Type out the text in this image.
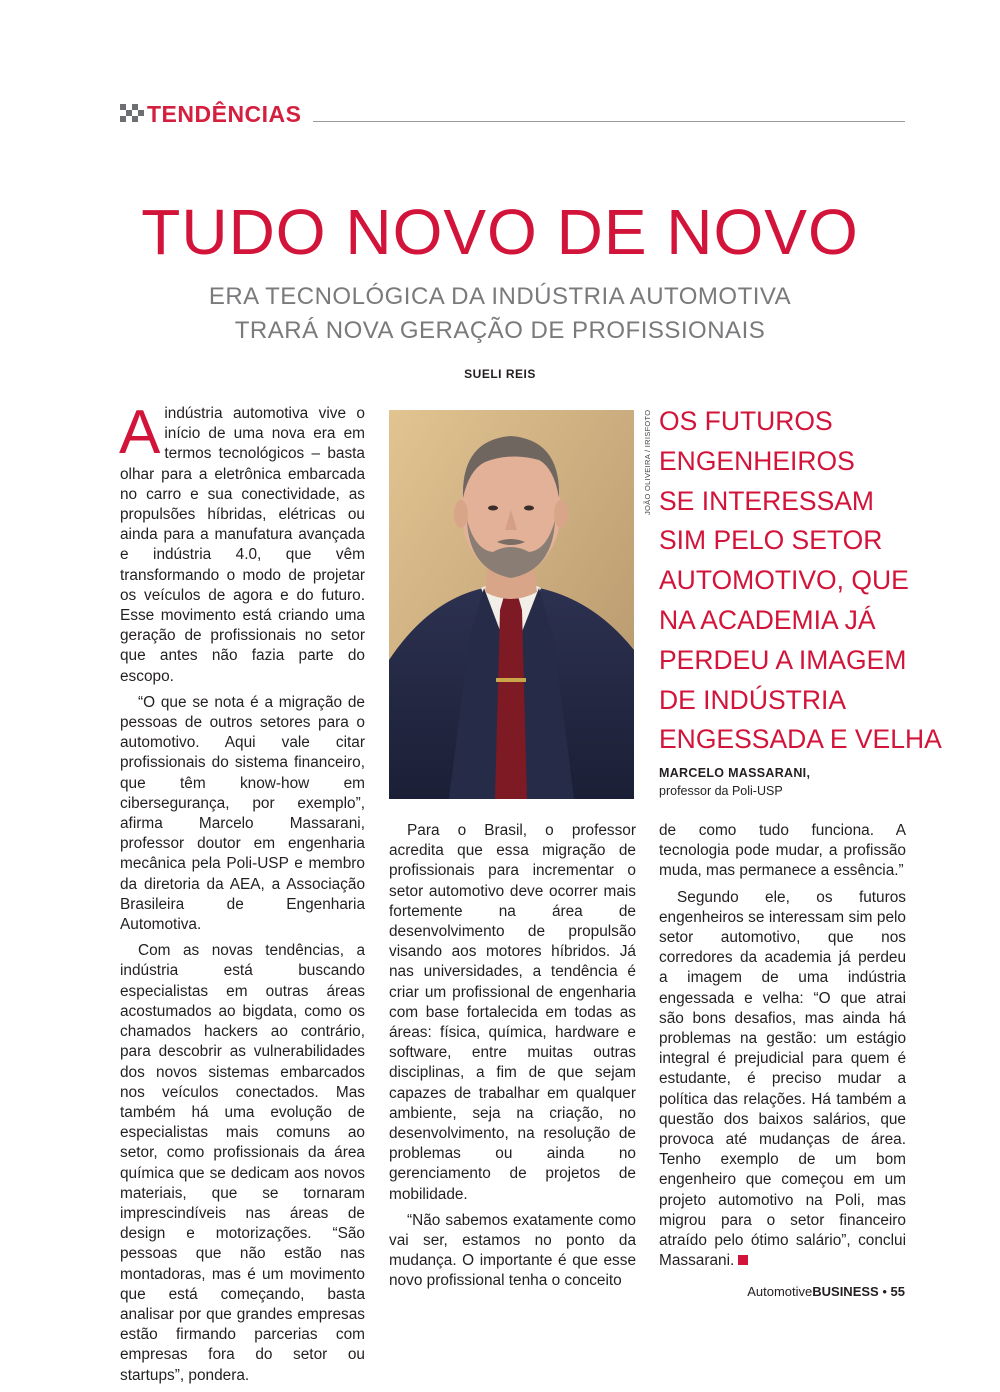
TENDÊNCIAS
TUDO NOVO DE NOVO
ERA TECNOLÓGICA DA INDÚSTRIA AUTOMOTIVA
TRARÁ NOVA GERAÇÃO DE PROFISSIONAIS
SUELI REIS

Aindústria automotiva vive o início de uma nova era em termos tecnológicos – basta olhar para a eletrônica embarcada no carro e sua conectividade, as propulsões híbridas, elétricas ou ainda para a manufatura avançada e indústria 4.0, que vêm transformando o modo de projetar os veículos de agora e do futuro. Esse movimento está criando uma geração de profissionais no setor que antes não fazia parte do escopo.

“O que se nota é a migração de pessoas de outros setores para o automotivo. Aqui vale citar profissionais do sistema financeiro, que têm know-how em cibersegurança, por exemplo”, afirma Marcelo Massarani, professor doutor em engenharia mecânica pela Poli-USP e membro da diretoria da AEA, a Associação Brasileira de Engenharia Automotiva.

Com as novas tendências, a indústria está buscando especialistas em outras áreas acostumados ao bigdata, como os chamados hackers ao contrário, para descobrir as vulnerabilidades dos novos sistemas embarcados nos veículos conectados. Mas também há uma evolução de especialistas mais comuns ao setor, como profissionais da área química que se dedicam aos novos materiais, que se tornaram imprescindíveis nas áreas de design e motorizações. “São pessoas que não estão nas montadoras, mas é um movimento que está começando, basta analisar por que grandes empresas estão firmando parcerias com empresas fora do setor ou startups”, pondera.

JOÃO OLIVEIRA / IRISFOTO OS FUTUROS
ENGENHEIROS
SE INTERESSAM
SIM PELO SETOR
AUTOMOTIVO, QUE
NA ACADEMIA JÁ
PERDEU A IMAGEM
DE INDÚSTRIA
ENGESSADA E VELHA
MARCELO MASSARANI,
professor da Poli-USP

Para o Brasil, o professor acredita que essa migração de profissionais para incrementar o setor automotivo deve ocorrer mais fortemente na área de desenvolvimento de propulsão visando aos motores híbridos. Já nas universidades, a tendência é criar um profissional de engenharia com base fortalecida em todas as áreas: física, química, hardware e software, entre muitas outras disciplinas, a fim de que sejam capazes de trabalhar em qualquer ambiente, seja na criação, no desenvolvimento, na resolução de problemas ou ainda no gerenciamento de projetos de mobilidade.

“Não sabemos exatamente como vai ser, estamos no ponto da mudança. O importante é que esse novo profissional tenha o conceito

de como tudo funciona. A tecnologia pode mudar, a profissão muda, mas permanece a essência.”

Segundo ele, os futuros engenheiros se interessam sim pelo setor automotivo, que nos corredores da academia já perdeu a imagem de uma indústria engessada e velha: “O que atrai são bons desafios, mas ainda há problemas na gestão: um estágio integral é prejudicial para quem é estudante, é preciso mudar a política das relações. Há também a questão dos baixos salários, que provoca até mudanças de área. Tenho exemplo de um bom engenheiro que começou em um projeto automotivo na Poli, mas migrou para o setor financeiro atraído pelo ótimo salário”, conclui Massarani.

AutomotiveBUSINESS • 55
